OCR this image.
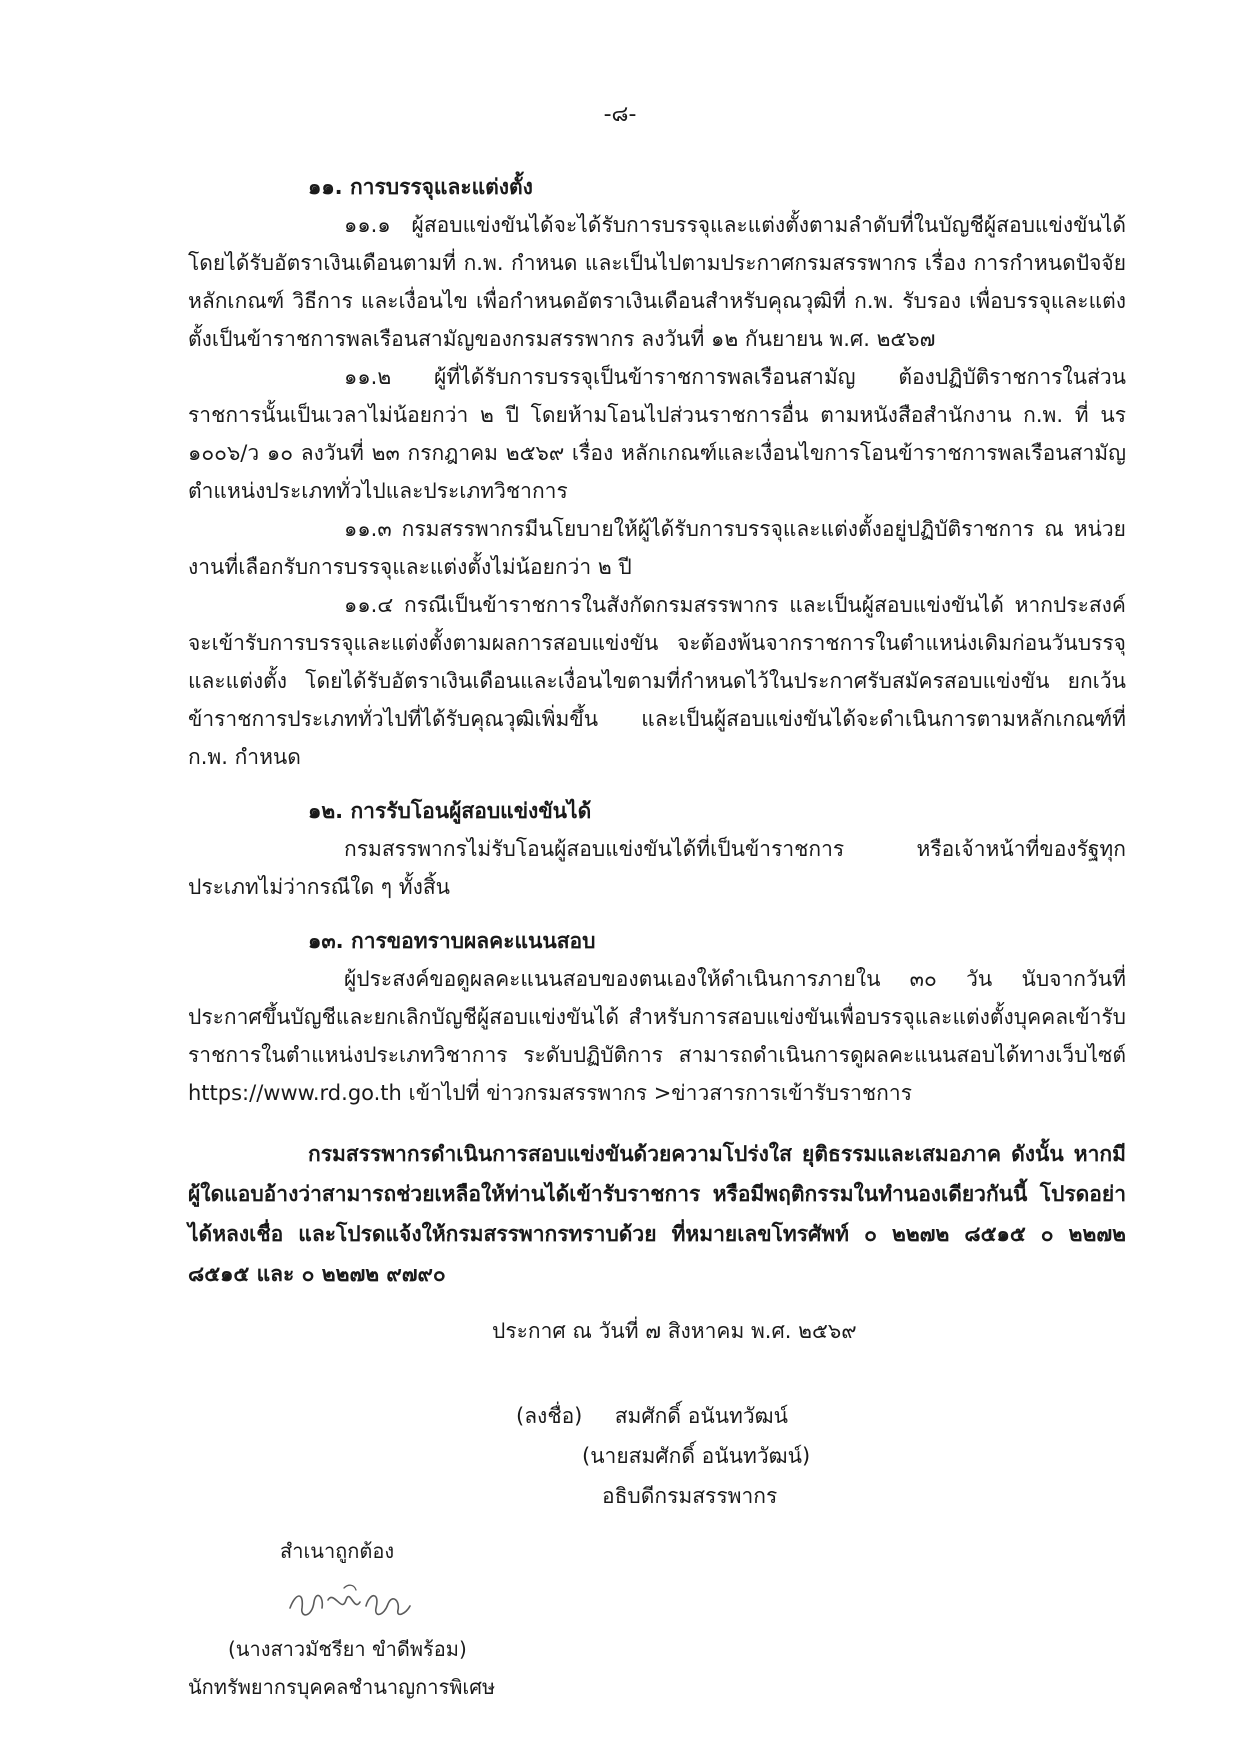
-๘-

๑๑. การบรรจุและแต่งตั้ง

๑๑.๑ ผู้สอบแข่งขันได้จะได้รับการบรรจุและแต่งตั้งตามลำดับที่ในบัญชีผู้สอบแข่งขันได้ โดยได้รับอัตราเงินเดือนตามที่ ก.พ. กำหนด และเป็นไปตามประกาศกรมสรรพากร เรื่อง การกำหนดปัจจัย หลักเกณฑ์ วิธีการ และเงื่อนไข เพื่อกำหนดอัตราเงินเดือนสำหรับคุณวุฒิที่ ก.พ. รับรอง เพื่อบรรจุและแต่งตั้งเป็นข้าราชการพลเรือนสามัญของกรมสรรพากร ลงวันที่ ๑๒ กันยายน พ.ศ. ๒๕๖๗

๑๑.๒ ผู้ที่ได้รับการบรรจุเป็นข้าราชการพลเรือนสามัญ ต้องปฏิบัติราชการในส่วนราชการนั้นเป็นเวลาไม่น้อยกว่า ๒ ปี โดยห้ามโอนไปส่วนราชการอื่น ตามหนังสือสำนักงาน ก.พ. ที่ นร ๑๐๐๖/ว ๑๐ ลงวันที่ ๒๓ กรกฎาคม ๒๕๖๙ เรื่อง หลักเกณฑ์และเงื่อนไขการโอนข้าราชการพลเรือนสามัญตำแหน่งประเภททั่วไปและประเภทวิชาการ

๑๑.๓ กรมสรรพากรมีนโยบายให้ผู้ได้รับการบรรจุและแต่งตั้งอยู่ปฏิบัติราชการ ณ หน่วยงานที่เลือกรับการบรรจุและแต่งตั้งไม่น้อยกว่า ๒ ปี

๑๑.๔ กรณีเป็นข้าราชการในสังกัดกรมสรรพากร และเป็นผู้สอบแข่งขันได้ หากประสงค์จะเข้ารับการบรรจุและแต่งตั้งตามผลการสอบแข่งขัน จะต้องพ้นจากราชการในตำแหน่งเดิมก่อนวันบรรจุและแต่งตั้ง โดยได้รับอัตราเงินเดือนและเงื่อนไขตามที่กำหนดไว้ในประกาศรับสมัครสอบแข่งขัน ยกเว้นข้าราชการประเภททั่วไปที่ได้รับคุณวุฒิเพิ่มขึ้น และเป็นผู้สอบแข่งขันได้จะดำเนินการตามหลักเกณฑ์ที่ ก.พ. กำหนด

๑๒. การรับโอนผู้สอบแข่งขันได้

กรมสรรพากรไม่รับโอนผู้สอบแข่งขันได้ที่เป็นข้าราชการ หรือเจ้าหน้าที่ของรัฐทุกประเภทไม่ว่ากรณีใด ๆ ทั้งสิ้น

๑๓. การขอทราบผลคะแนนสอบ

ผู้ประสงค์ขอดูผลคะแนนสอบของตนเองให้ดำเนินการภายใน ๓๐ วัน นับจากวันที่ประกาศขึ้นบัญชีและยกเลิกบัญชีผู้สอบแข่งขันได้ สำหรับการสอบแข่งขันเพื่อบรรจุและแต่งตั้งบุคคลเข้ารับราชการในตำแหน่งประเภทวิชาการ ระดับปฏิบัติการ สามารถดำเนินการดูผลคะแนนสอบได้ทางเว็บไซต์ https://www.rd.go.th เข้าไปที่ ข่าวกรมสรรพากร >ข่าวสารการเข้ารับราชการ

กรมสรรพากรดำเนินการสอบแข่งขันด้วยความโปร่งใส ยุติธรรมและเสมอภาค ดังนั้น หากมีผู้ใดแอบอ้างว่าสามารถช่วยเหลือให้ท่านได้เข้ารับราชการ หรือมีพฤติกรรมในทำนองเดียวกันนี้ โปรดอย่าได้หลงเชื่อ และโปรดแจ้งให้กรมสรรพากรทราบด้วย ที่หมายเลขโทรศัพท์ ๐ ๒๒๗๒ ๘๕๑๕ ๐ ๒๒๗๒ ๘๕๑๕ และ ๐ ๒๒๗๒ ๙๗๙๐

ประกาศ ณ วันที่ ๗ สิงหาคม พ.ศ. ๒๕๖๙

(ลงชื่อ) สมศักดิ์ อนันทวัฒน์
(นายสมศักดิ์ อนันทวัฒน์)
อธิบดีกรมสรรพากร
สำเนาถูกต้อง
(นางสาวมัชรียา ขำดีพร้อม)
นักทรัพยากรบุคคลชำนาญการพิเศษ
